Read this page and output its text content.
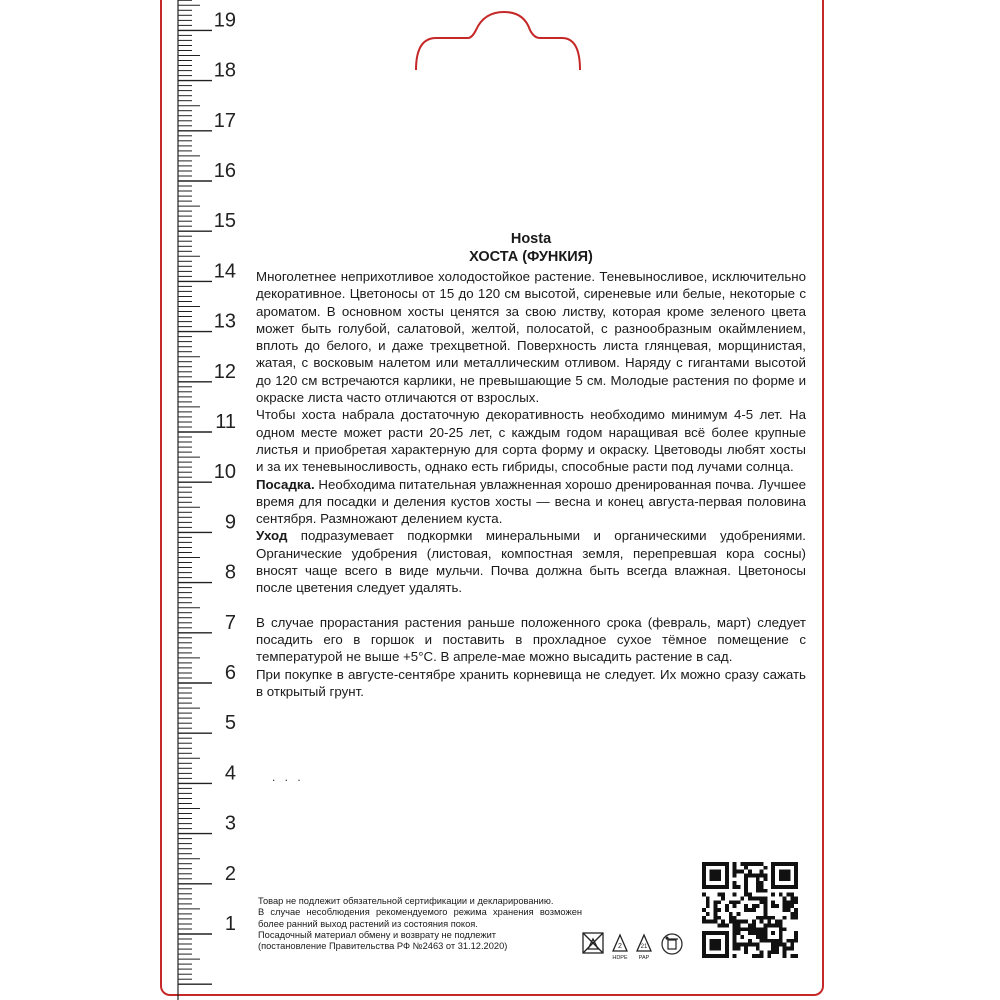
19
18
17
16
15
14
13
12
11
10
9
8
7
6
5
4
3
2
1
Hosta
ХОСТА (ФУНКИЯ)

Многолетнее неприхотливое холодостойкое растение. Теневыносливое, исключительно декоративное. Цветоносы от 15 до 120 см высотой, сиреневые или белые, некоторые с ароматом. В основном хосты ценятся за свою листву, которая кроме зеленого цвета может быть голубой, салатовой, желтой, полосатой, с разнообразным окаймлением, вплоть до белого, и даже трехцветной. Поверхность листа глянцевая, морщинистая, жатая, с восковым налетом или металлическим отливом. Наряду с гигантами высотой до 120 см встречаются карлики, не превышающие 5 см. Молодые растения по форме и окраске листа часто отличаются от взрослых.

Чтобы хоста набрала достаточную декоративность необходимо минимум 4-5 лет. На одном месте может расти 20-25 лет, с каждым годом наращивая всё более крупные листья и приобретая характерную для сорта форму и окраску. Цветоводы любят хосты и за их теневыносливость, однако есть гибриды, способные расти под лучами солнца.

Посадка. Необходима питательная увлажненная хорошо дренированная почва. Лучшее время для посадки и деления кустов хосты — весна и конец августа-первая половина сентября. Размножают делением куста.

Уход подразумевает подкормки минеральными и органическими удобрениями. Органические удобрения (листовая, компостная земля, перепревшая кора сосны) вносят чаще всего в виде мульчи. Почва должна быть всегда влажная. Цветоносы после цветения следует удалять.

В случае прорастания растения раньше положенного срока (февраль, март) следует посадить его в горшок и поставить в прохладное сухое тёмное помещение с температурой не выше +5°C. В апреле-мае можно высадить растение в сад.

При покупке в августе-сентябре хранить корневища не следует. Их можно сразу сажать в открытый грунт.

. . .
Товар не подлежит обязательной сертификации и декларированию.
В случае несоблюдения рекомендуемого режима хранения возможен более ранний выход растений из состояния покоя.
Посадочный материал обмену и возврату не подлежит
(постановление Правительства РФ №2463 от 31.12.2020)	2
HDPE
21
PAP
